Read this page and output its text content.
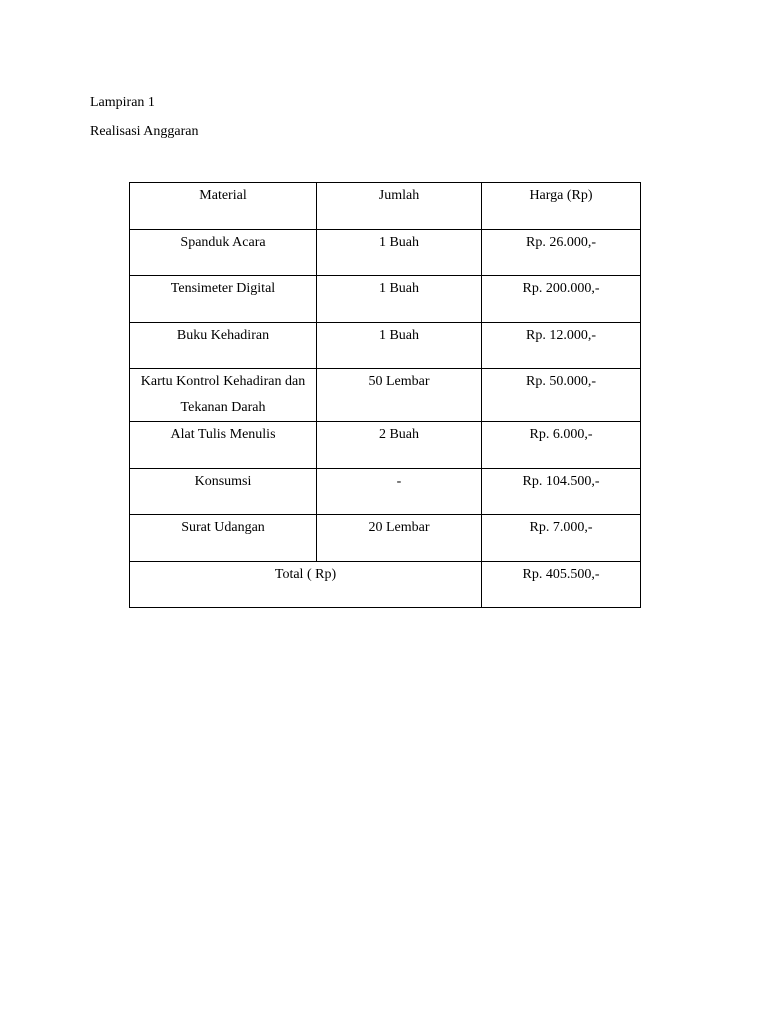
Lampiran 1
Realisasi Anggaran
Material	Jumlah	Harga (Rp)

Spanduk Acara	1 Buah	Rp. 26.000,-

Tensimeter Digital	1 Buah	Rp. 200.000,-

Buku Kehadiran	1 Buah	Rp. 12.000,-

Kartu Kontrol Kehadiran dan Tekanan Darah	50 Lembar	Rp. 50.000,-

Alat Tulis Menulis	2 Buah	Rp. 6.000,-

Konsumsi	-	Rp. 104.500,-

Surat Udangan	20 Lembar	Rp. 7.000,-

Total ( Rp)		Rp. 405.500,-
